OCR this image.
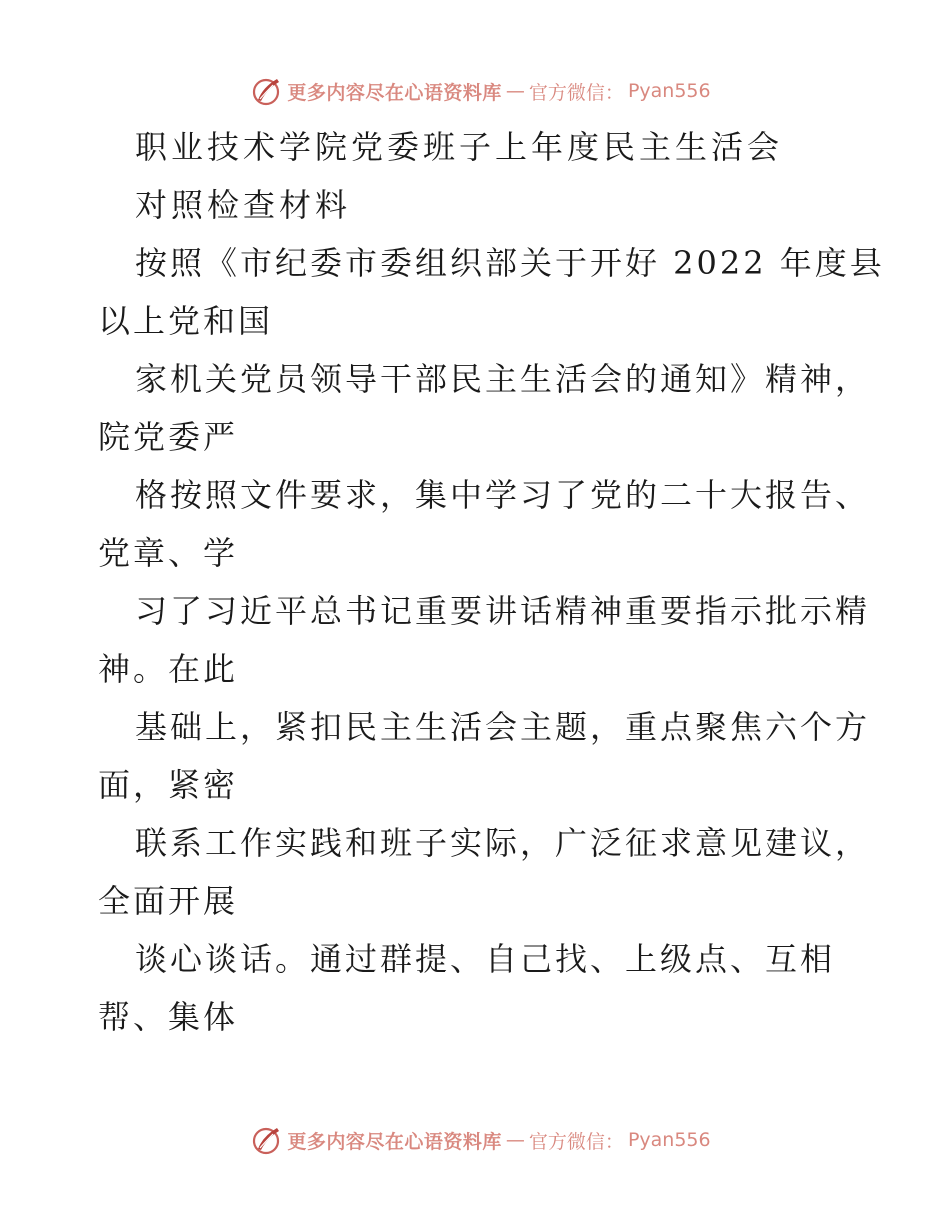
更多内容尽在心语资料库 — 官方微信： Pyan556
职业技术学院党委班子上年度民主生活会
对照检查材料
按照《市纪委市委组织部关于开好 2022 年度县
以上党和国
家机关党员领导干部民主生活会的通知》精神，
院党委严
格按照文件要求，集中学习了党的二十大报告、
党章、学
习了习近平总书记重要讲话精神重要指示批示精
神。在此
基础上，紧扣民主生活会主题，重点聚焦六个方
面，紧密
联系工作实践和班子实际，广泛征求意见建议，
全面开展
谈心谈话。通过群提、自己找、上级点、互相
帮、集体
更多内容尽在心语资料库 — 官方微信： Pyan556
